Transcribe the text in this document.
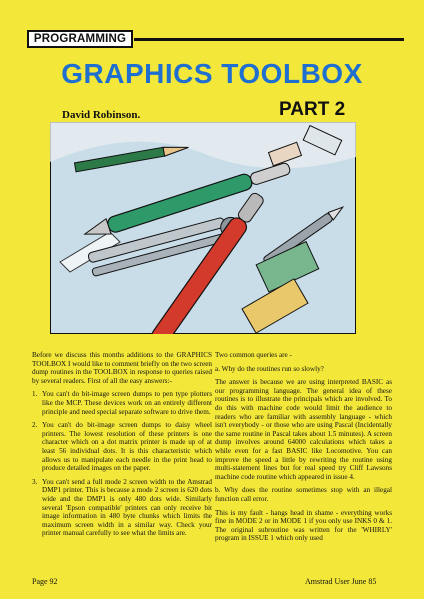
PROGRAMMING
GRAPHICS TOOLBOX
David Robinson.	PART 2

Before we discuss this months additions to the GRAPHICS TOOLBOX I would like to comment briefly on the two screen dump routines in the TOOLBOX in response to queries raised by several readers. First of all the easy answers:-

1. You can't do bit-image screen dumps to pen type plotters like the MCP. These devices work on an entirely different principle and need special separate software to drive them.

2. You can't do bit-image screen dumps to daisy wheel printers. The lowest resolution of these printers is one character which on a dot matrix printer is made up of at least 56 individual dots. It is this characteristic which allows us to manipulate each needle in the print head to produce detailed images on the paper.

3. You can't send a full mode 2 screen width to the Amstrad DMP1 printer. This is because a mode 2 screen is 620 dots wide and the DMP1 is only 480 dots wide. Similarly several 'Epson compatible' printers can only receive bit image information in 480 byte chunks which limits the maximum screen width in a similar way. Check your printer manual carefully to see what the limits are.

Two common queries are -

a. Why do the routines run so slowly?

The answer is because we are using interpreted BASIC as our programming language. The general idea of these routines is to illustrate the principals which are involved. To do this with machine code would limit the audience to readers who are familiar with assembly language - which isn't everybody - or those who are using Pascal (Incidentally the same routine in Pascal takes about 1.5 minutes). A screen dump involves around 64000 calculations which takes a while even for a fast BASIC like Locomotive. You can improve the speed a little by rewriting the routine using multi-statement lines but for real speed try Cliff Lawsons machine code routine which appeared in issue 4.

b. Why does the routine sometimes stop with an illegal function call error.

This is my fault - hangs head in shame - everything works fine in MODE 2 or in MODE 1 if you only use INKS 0 & 1. The original subroutine was written for the 'WHIRLY' program in ISSUE 1 which only used

Page 92	Amstrad User June 85
